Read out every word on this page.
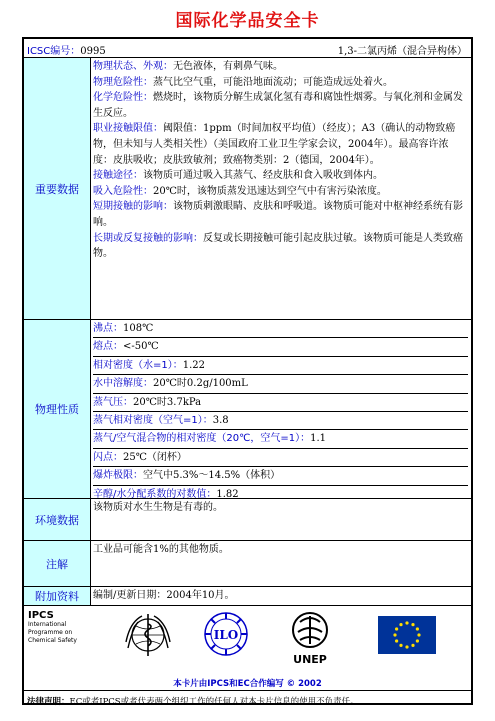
国际化学品安全卡
ICSC编号：0995	1,3-二氯丙烯（混合异构体）
重要数据

物理状态、外观：无色液体，有刺鼻气味。

物理危险性：蒸气比空气重，可能沿地面流动；可能造成远处着火。

化学危险性：燃烧时，该物质分解生成氯化氢有毒和腐蚀性烟雾。与氧化剂和金属发生反应。

职业接触限值：阈限值：1ppm（时间加权平均值）（经皮）；A3（确认的动物致癌物，但未知与人类相关性）（美国政府工业卫生学家会议，2004年）。最高容许浓度：皮肤吸收；皮肤致敏剂；致癌物类别：2（德国，2004年）。

接触途径：该物质可通过吸入其蒸气、经皮肤和食入吸收到体内。

吸入危险性：20℃时，该物质蒸发迅速达到空气中有害污染浓度。

短期接触的影响：该物质刺激眼睛、皮肤和呼吸道。该物质可能对中枢神经系统有影响。

长期或反复接触的影响：反复或长期接触可能引起皮肤过敏。该物质可能是人类致癌物。

物理性质

沸点：108℃

熔点：<-50℃

相对密度（水=1）：1.22

水中溶解度：20℃时0.2g/100mL

蒸气压：20℃时3.7kPa

蒸气相对密度（空气=1）：3.8

蒸气/空气混合物的相对密度（20℃，空气=1）：1.1

闪点：25℃（闭杯）

爆炸极限：空气中5.3%～14.5%（体积）

辛醇/水分配系数的对数值：1.82

环境数据
该物质对水生生物是有毒的。
注解
工业品可能含1%的其他物质。
附加资料	编制/更新日期：2004年10月。
IPCS
International
Programme on
Chemical Safety	ILO
UNEP
本卡片由IPCS和EC合作编写 © 2002
法律声明：EC或者IPCS或者代表两个组织工作的任何人对本卡片信息的使用不负责任。
